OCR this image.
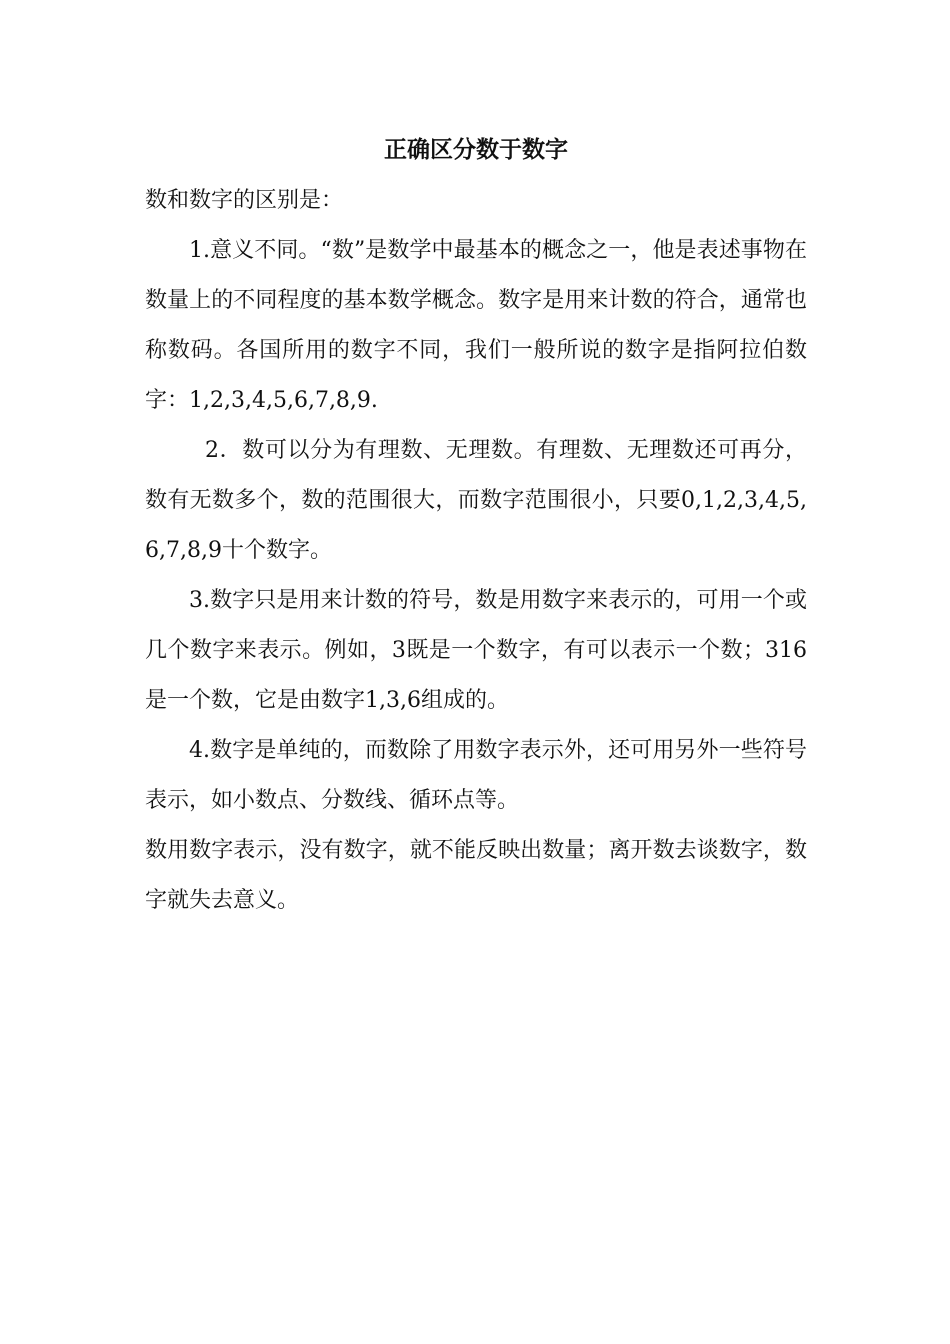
正确区分数于数字

数和数字的区别是：

1.意义不同。“数”是数学中最基本的概念之一，他是表述事物在数量上的不同程度的基本数学概念。数字是用来计数的符合，通常也称数码。各国所用的数字不同，我们一般所说的数字是指阿拉伯数字：1,2,3,4,5,6,7,8,9.

2．数可以分为有理数、无理数。有理数、无理数还可再分，数有无数多个，数的范围很大，而数字范围很小，只要0,1,2,3,4,5,6,7,8,9十个数字。

3.数字只是用来计数的符号，数是用数字来表示的，可用一个或几个数字来表示。例如，3既是一个数字，有可以表示一个数；316是一个数，它是由数字1,3,6组成的。

4.数字是单纯的，而数除了用数字表示外，还可用另外一些符号表示，如小数点、分数线、循环点等。

数用数字表示，没有数字，就不能反映出数量；离开数去谈数字，数字就失去意义。
